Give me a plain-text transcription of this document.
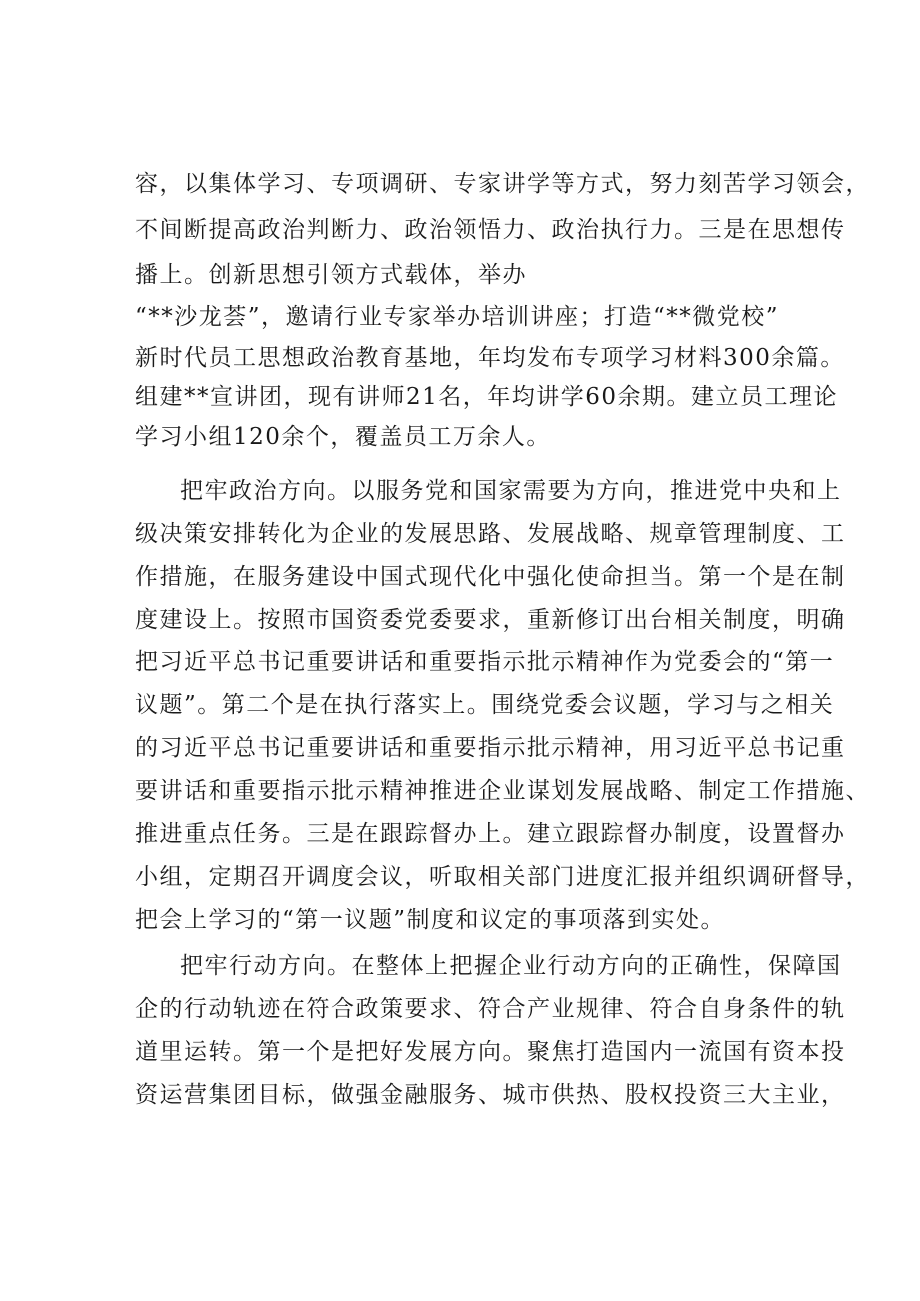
容，以集体学习、专项调研、专家讲学等方式，努力刻苦学习领会，
不间断提高政治判断力、政治领悟力、政治执行力。三是在思想传
播上。创新思想引领方式载体，举办
“**沙龙荟”，邀请行业专家举办培训讲座；打造“**微党校”
新时代员工思想政治教育基地，年均发布专项学习材料300余篇。
组建**宣讲团，现有讲师21名，年均讲学60余期。建立员工理论
学习小组120余个，覆盖员工万余人。
把牢政治方向。以服务党和国家需要为方向，推进党中央和上
级决策安排转化为企业的发展思路、发展战略、规章管理制度、工
作措施，在服务建设中国式现代化中强化使命担当。第一个是在制
度建设上。按照市国资委党委要求，重新修订出台相关制度，明确
把习近平总书记重要讲话和重要指示批示精神作为党委会的“第一
议题”。第二个是在执行落实上。围绕党委会议题，学习与之相关
的习近平总书记重要讲话和重要指示批示精神，用习近平总书记重
要讲话和重要指示批示精神推进企业谋划发展战略、制定工作措施、
推进重点任务。三是在跟踪督办上。建立跟踪督办制度，设置督办
小组，定期召开调度会议，听取相关部门进度汇报并组织调研督导，
把会上学习的“第一议题”制度和议定的事项落到实处。
把牢行动方向。在整体上把握企业行动方向的正确性，保障国
企的行动轨迹在符合政策要求、符合产业规律、符合自身条件的轨
道里运转。第一个是把好发展方向。聚焦打造国内一流国有资本投
资运营集团目标，做强金融服务、城市供热、股权投资三大主业，
